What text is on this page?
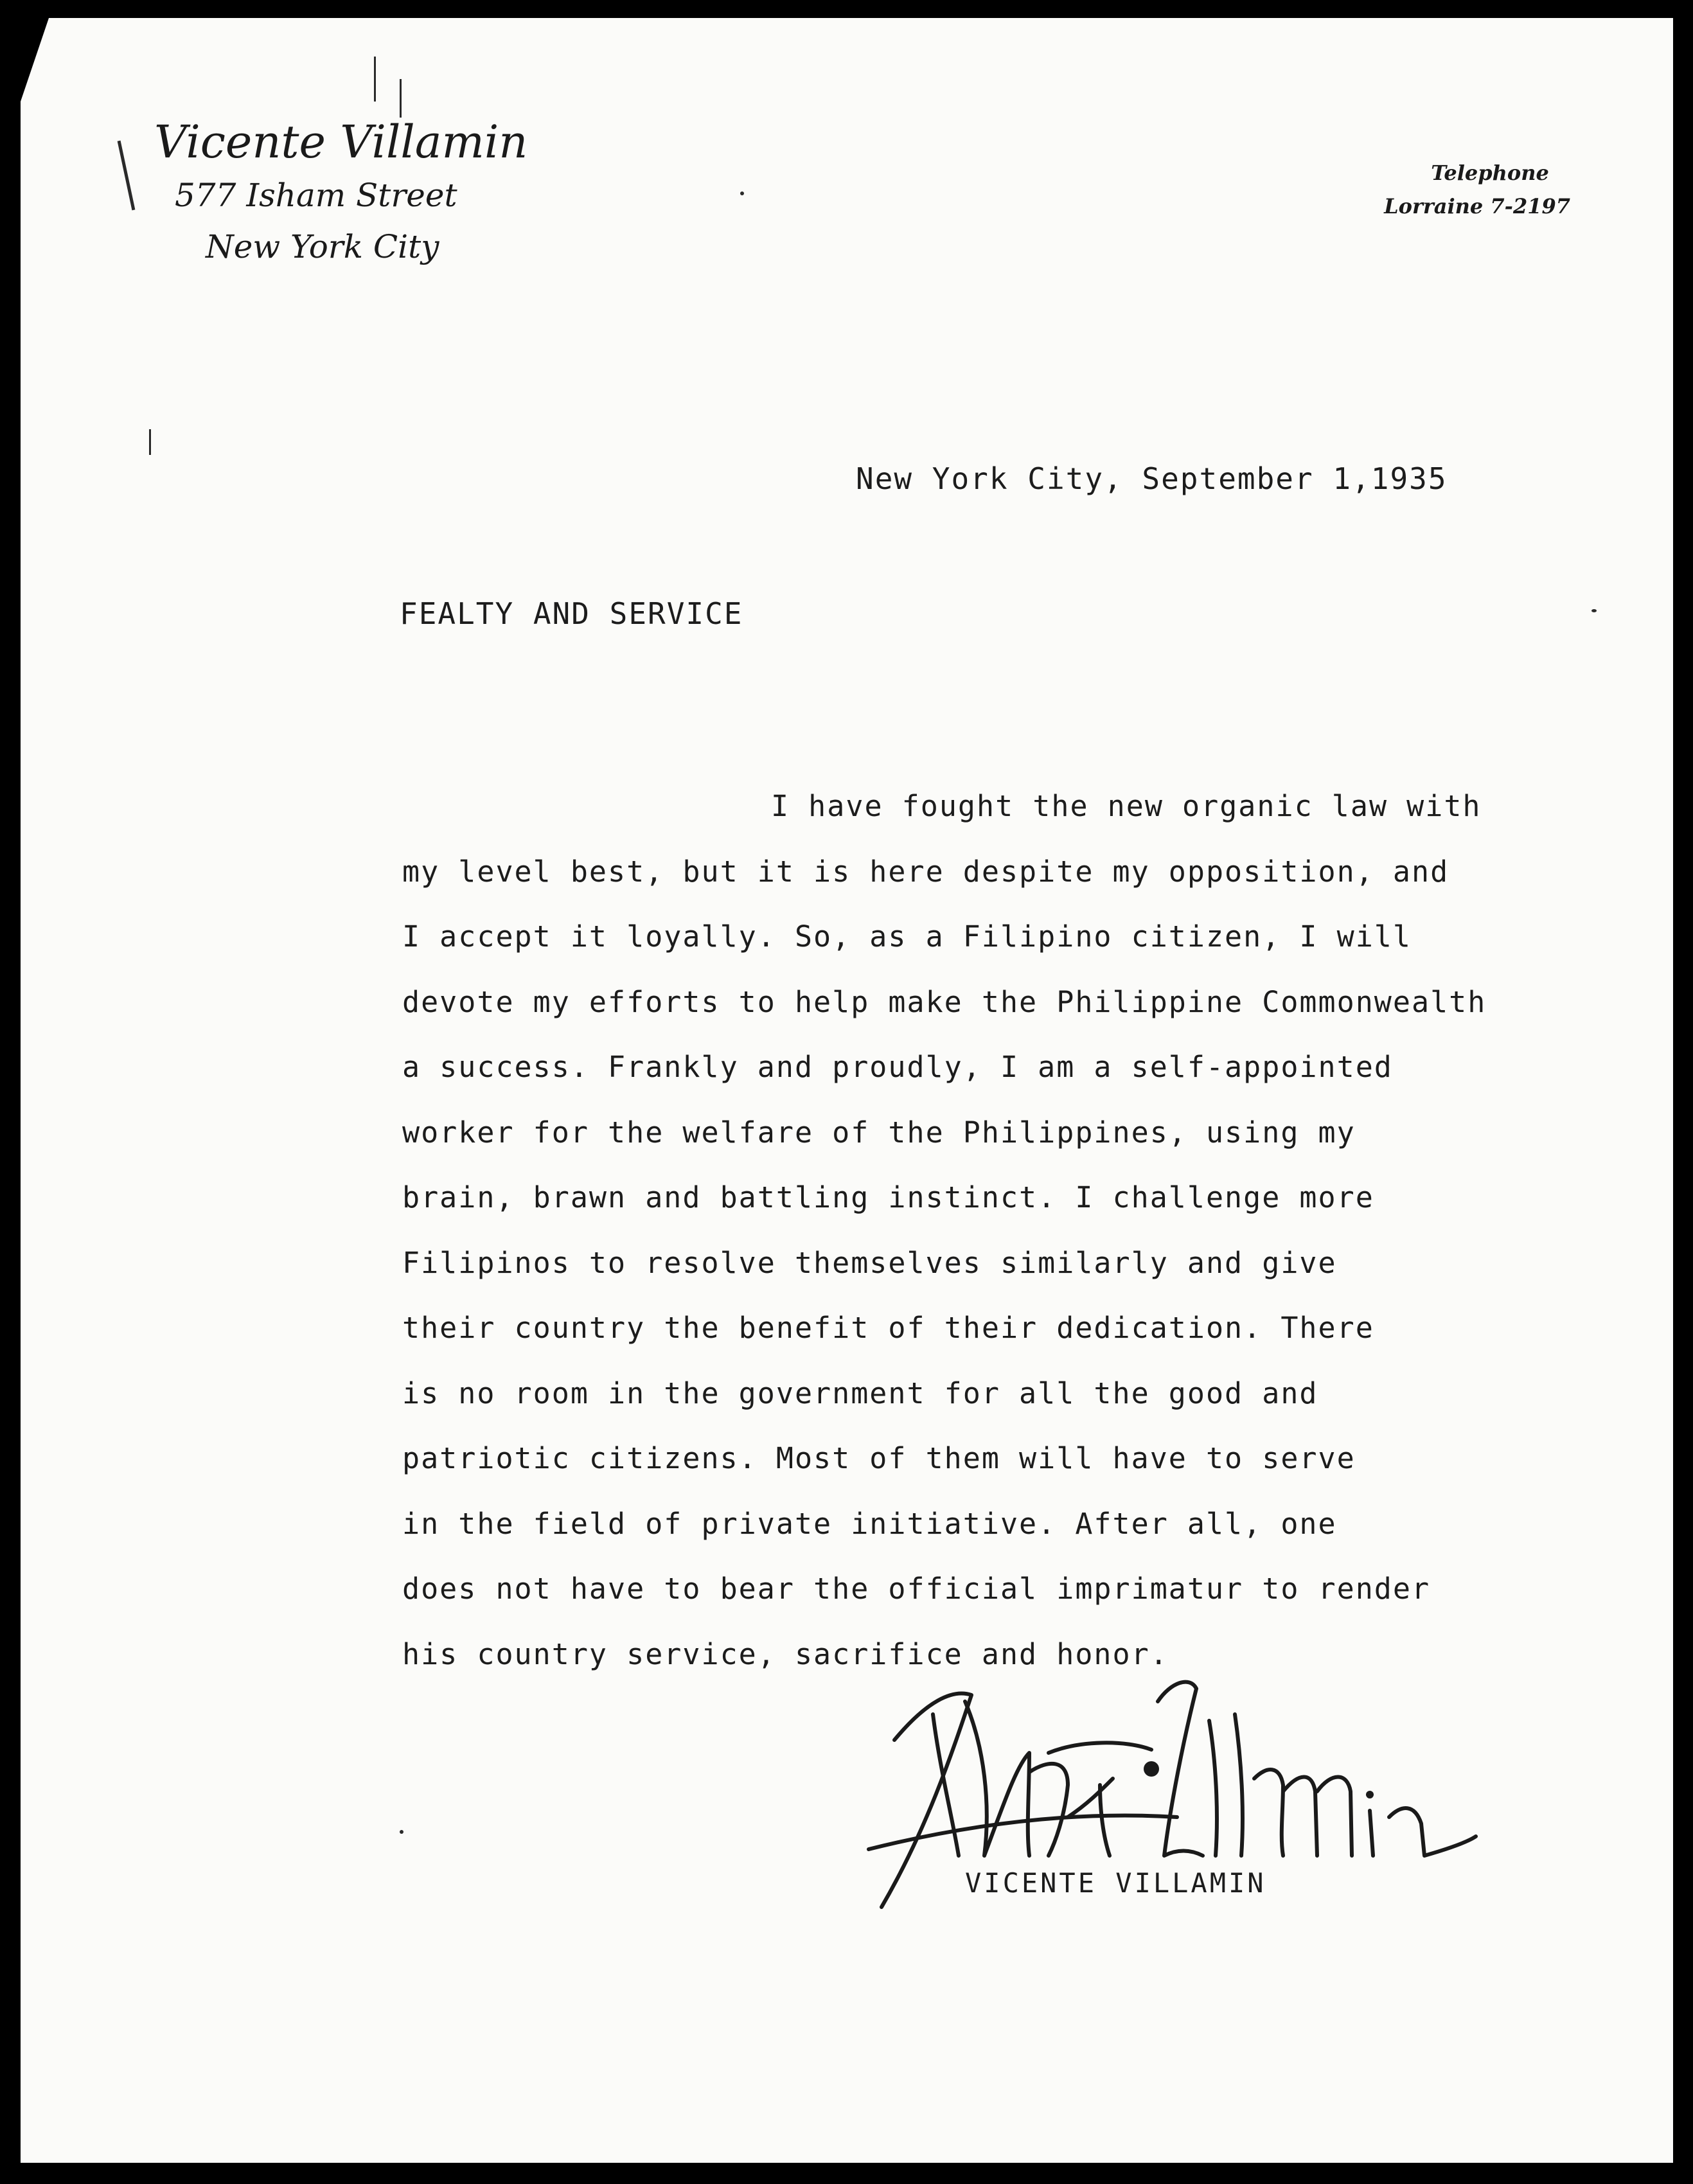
Vicente Villamin
577 Isham Street
New York City
Telephone
Lorraine 7-2197
New York City, September 1,1935
FEALTY AND SERVICE
I have fought the new organic law with
my level best, but it is here despite my opposition, and
I accept it loyally. So, as a Filipino citizen, I will
devote my efforts to help make the Philippine Commonwealth
a success. Frankly and proudly, I am a self-appointed
worker for the welfare of the Philippines, using my
brain, brawn and battling instinct. I challenge more
Filipinos to resolve themselves similarly and give
their country the benefit of their dedication. There
is no room in the government for all the good and
patriotic citizens. Most of them will have to serve
in the field of private initiative. After all, one
does not have to bear the official imprimatur to render
his country service, sacrifice and honor.
VICENTE VILLAMIN
